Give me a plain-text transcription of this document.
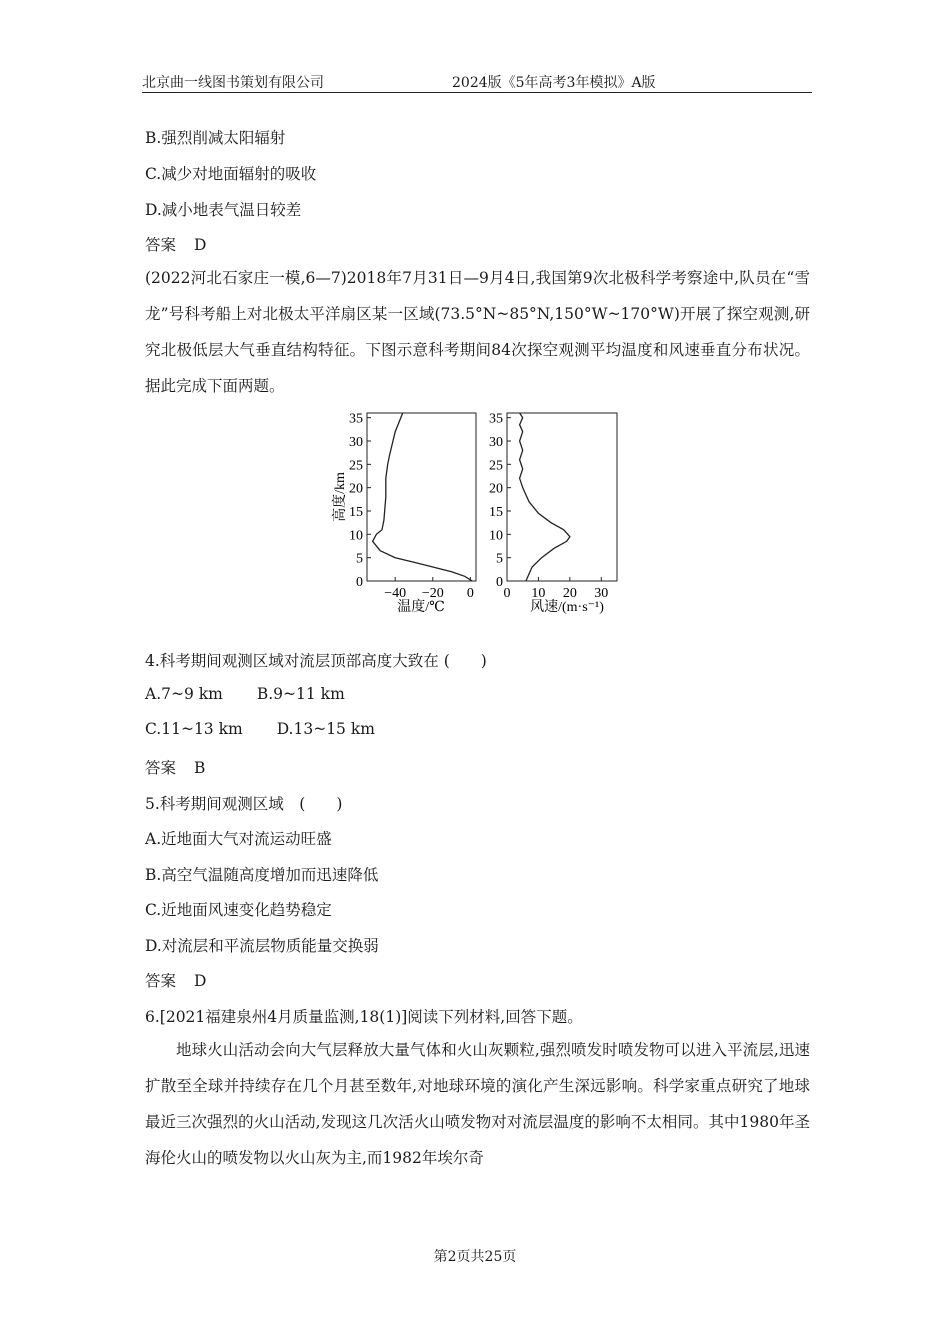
北京曲一线图书策划有限公司	2024版《5年高考3年模拟》A版
B.强烈削减太阳辐射
C.减少对地面辐射的吸收
D.减小地表气温日较差
答案 D

(2022河北石家庄一模,6—7)2018年7月31日—9月4日,我国第9次北极科学考察途中,队员在“雪龙”号科考船上对北极太平洋扇区某一区域(73.5°N~85°N,150°W~170°W)开展了探空观测,研究北极低层大气垂直结构特征。下图示意科考期间84次探空观测平均温度和风速垂直分布状况。据此完成下面两题。

高度/km
温度/℃
0
5
10
15
20
25
30
35
−40 −20 0
风速/(m·s⁻¹)
0
5
10
15
20
25
30
35
0 10 20 30
4.科考期间观测区域对流层顶部高度大致在 (　　)
A.7~9 km B.9~11 km
C.11~13 km D.13~15 km
答案 B
5.科考期间观测区域　(　　)
A.近地面大气对流运动旺盛
B.高空气温随高度增加而迅速降低
C.近地面风速变化趋势稳定
D.对流层和平流层物质能量交换弱
答案 D
6.[2021福建泉州4月质量监测,18(1)]阅读下列材料,回答下题。

地球火山活动会向大气层释放大量气体和火山灰颗粒,强烈喷发时喷发物可以进入平流层,迅速扩散至全球并持续存在几个月甚至数年,对地球环境的演化产生深远影响。科学家重点研究了地球最近三次强烈的火山活动,发现这几次活火山喷发物对对流层温度的影响不太相同。其中1980年圣海伦火山的喷发物以火山灰为主,而1982年埃尔奇

第2页共25页
